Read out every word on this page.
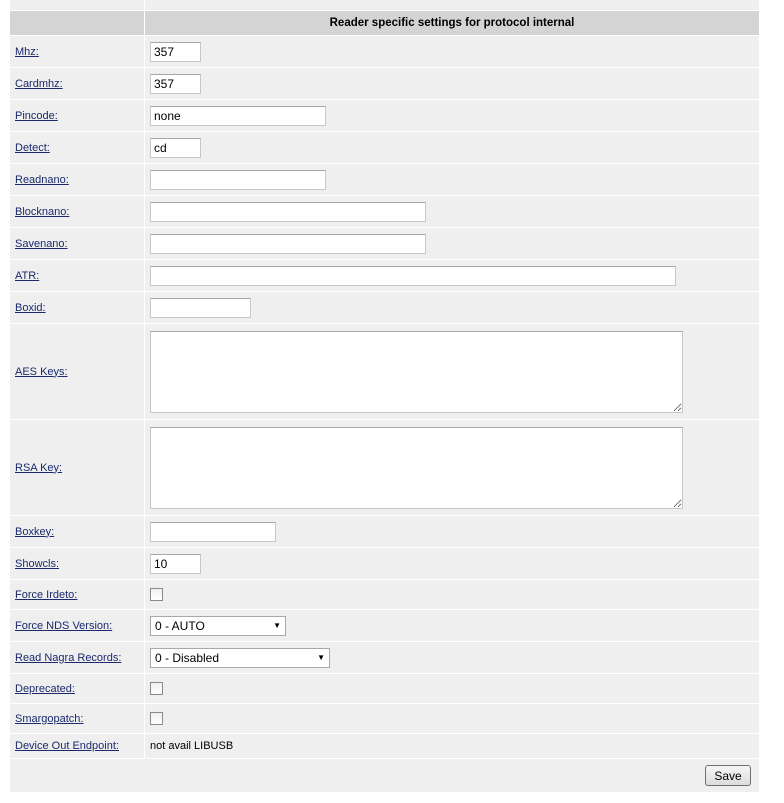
	Reader specific settings for protocol internal
Mhz:	357
Cardmhz:	357
Pincode:	none
Detect:	cd
Readnano:	
Blocknano:	
Savenano:	
ATR:	
Boxid:	
AES Keys:	
RSA Key:	
Boxkey:	
Showcls:	10
Force Irdeto:	
Force NDS Version:	0 - AUTO ▼

Read Nagra Records:	0 - Disabled ▼

Deprecated:	
Smargopatch:	
Device Out Endpoint:	not avail LIBUSB
Save
